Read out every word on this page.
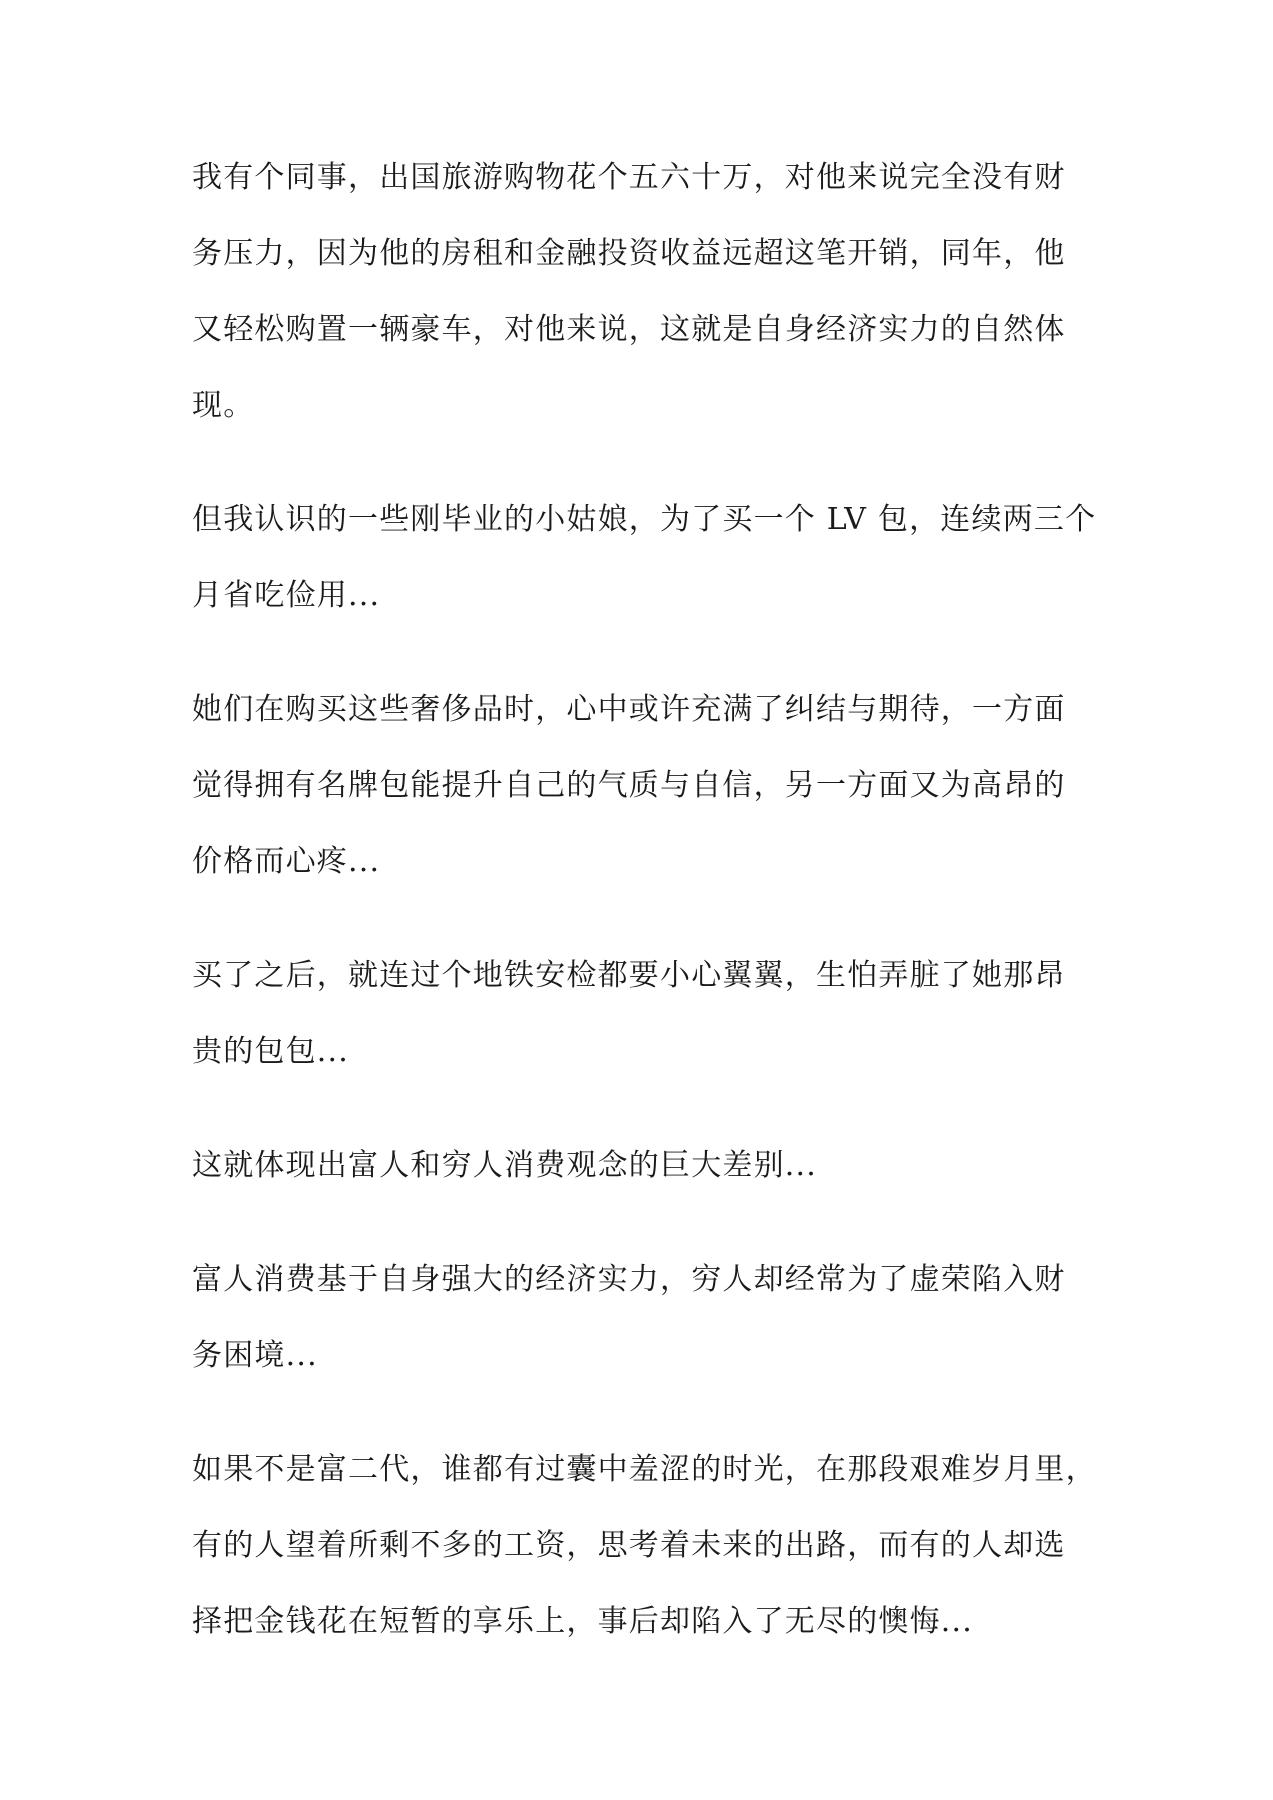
我有个同事，出国旅游购物花个五六十万，对他来说完全没有财
务压力，因为他的房租和金融投资收益远超这笔开销，同年，他
又轻松购置一辆豪车，对他来说，这就是自身经济实力的自然体
现。

但我认识的一些刚毕业的小姑娘，为了买一个 LV 包，连续两三个
月省吃俭用...

她们在购买这些奢侈品时，心中或许充满了纠结与期待，一方面
觉得拥有名牌包能提升自己的气质与自信，另一方面又为高昂的
价格而心疼...

买了之后，就连过个地铁安检都要小心翼翼，生怕弄脏了她那昂
贵的包包...

这就体现出富人和穷人消费观念的巨大差别...

富人消费基于自身强大的经济实力，穷人却经常为了虚荣陷入财
务困境...

如果不是富二代，谁都有过囊中羞涩的时光，在那段艰难岁月里，
有的人望着所剩不多的工资，思考着未来的出路，而有的人却选
择把金钱花在短暂的享乐上，事后却陷入了无尽的懊悔...
